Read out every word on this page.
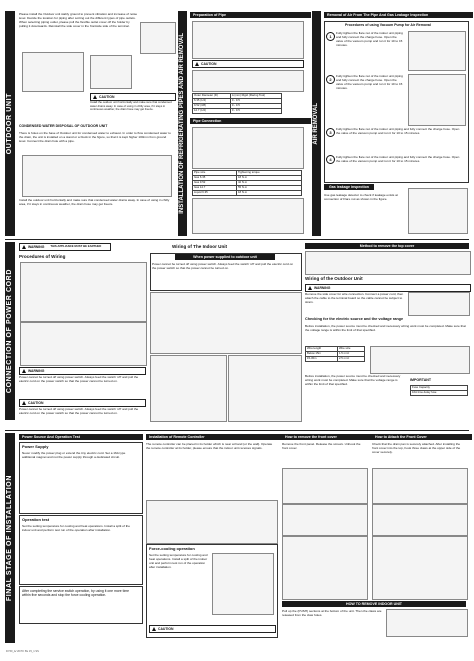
OUTDOOR UNIT
CONNECTION OF POWER CORD
FINAL STAGE OF INSTALLATION
INSTALLATION OF REFRIGERATING PIPES AND AIR REMOVAL	AIR REMOVAL
Please install the Outdoor unit stably ground to prevent vibration and increase of noise level. Decide the location for piping after sorting out the different types of pipe outlets. When selecting piping outlet, please pull the flexible outlet cover off the holder by pulling it downwards. Reinstall the side cover in the frontside side of the terminal.
CAUTION
Install the outdoor unit horizontally and make sure that condensed water drains away. In case of using in chilly area, if it stays in continuous weather, the drain hose may get freeze.
CONDENSED WATER DISPOSAL OF OUTDOOR UNIT
There is holes on the base of Outdoor unit for condensed water to exhaust. In order to flow condensed water to the drain, the unit is installed on a stand or a block in the figure, so that it is kept higher 100mm from ground level. Connect the drain hole with a pipe.
Install the outdoor unit horizontally and make sure that condensed water drains away. In case of using in chilly area, if it stays in continuous weather, the drain hose may get freeze.
Preparation of Pipe
CAUTION
Outer Diameter (D)	A (mm) Rigid (Flaring Tool)
6.35 (1/4)	0 - 0.5
9.52 (3/8)	0 - 0.5
12.7 (1/2)	0 - 0.5
Pipe Connection
Pipe size	Tightening torque
Gas 6.35	18 N·m
Gas 9.52	42 N·m
Gas 12.7	55 N·m
Liquid 6.35	18 N·m
Removal of Air From The Pipe And Gas Leakage Inspection
Procedures of using Vacuum Pump for Air Removal
1
2
3
4
Fully tighten the flare nut of the indoor unit piping and fully connect the charge hose. Open the valve of the vacuum pump and run it for 10 to 15 minutes.
Fully tighten the flare nut of the indoor unit piping and fully connect the charge hose. Open the valve of the vacuum pump and run it for 10 to 15 minutes.
Fully tighten the flare nut of the indoor unit piping and fully connect the charge hose. Open the valve of the vacuum pump and run it for 10 to 15 minutes.
Fully tighten the flare nut of the indoor unit piping and fully connect the charge hose. Open the valve of the vacuum pump and run it for 10 to 15 minutes.
Gas leakage inspection
Use gas leakage detector to check if leakage exists at connection of Flare nut as shown in the figure.
WARNING THIS APPLIANCE MUST BE EARTHED
Procedures of Wiring
WARNING
Power cannot be turned off using power switch. Always feed the switch 'off' and pull the electric cord on the power switch so that the power cannot be turned on.
CAUTION
Power cannot be turned off using power switch. Always feed the switch 'off' and pull the electric cord on the power switch so that the power cannot be turned on.
Wiring of The Indoor Unit
When power supplied to outdoor unit
Power cannot be turned off using power switch. Always feed the switch 'off' and pull the electric cord on the power switch so that the power cannot be turned on.
Method to remove the top cover
Wiring of the Outdoor Unit
WARNING
Remove the side cover for wire connection. Connect a power cord, then attach the cable to the terminal board so the cable cannot be subject to strain.
Checking for the electric source and the voltage range
Before installation, the power source must be checked and necessary wiring work must be completed. Make sure that the voltage range is within the limit of that specified.
Wire length	Wire size
Below 15m	1.5 mm²
15-30m	2.5 mm²
Before installation, the power source must be checked and necessary wiring work must be completed. Make sure that the voltage range is within the limit of that specified.
IMPORTANT
Fuse Capacity
16A time delay fuse
Power Source And Operation Test
Power Supply
Never modify the power plug or extend the tiny electric cord. Set a 16A type additional magnet and not the power supply through a dedicated circuit.
Operation test
Set the setting temperature for cooling and heat operations. Install a split of the indoor unit and perform test run of the operation after installation.
After completing the service switch operation, by using it one more time within five seconds and stop the force cooling operation.
Installation of Remote Controller
The remote controller can be placed in its holder which is near at hand (or the wall). Operate the remote controller at its holder, please ensure that the indoor unit receives signals.
Force-cooling operation
Set the setting temperature for cooling and heat operations. Install a split of the indoor unit and perform test run of the operation after installation.
CAUTION
How to remove the front cover
Remove the front panel. Release the screws. Unhook the front cover.
How to Attach the Front Cover
Check that the drain pan is securely attached. After installing the front cover into the top, hook three claws at the upper side of the cover securely.
HOW TO REMOVE INDOOR UNIT
Pull up the (PUSH) sections at the bottom of the unit. Then the claws are released from the claw holes.
DY60_A/ 20/70: Bu 15_1 SS
